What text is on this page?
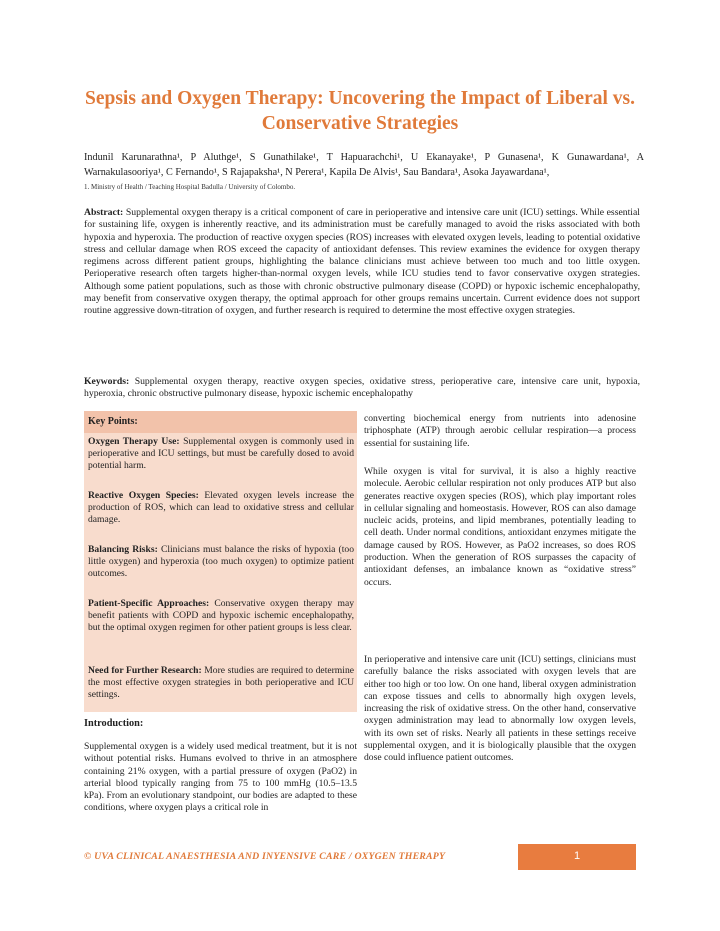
Sepsis and Oxygen Therapy: Uncovering the Impact of Liberal vs. Conservative Strategies
Indunil Karunarathna¹, P Aluthge¹, S Gunathilake¹, T Hapuarachchi¹, U Ekanayake¹, P Gunasena¹, K Gunawardana¹, A Warnakulasooriya¹, C Fernando¹, S Rajapaksha¹, N Perera¹, Kapila De Alvis¹, Sau Bandara¹, Asoka Jayawardana¹,
1. Ministry of Health / Teaching Hospital Badulla / University of Colombo.
Abstract: Supplemental oxygen therapy is a critical component of care in perioperative and intensive care unit (ICU) settings. While essential for sustaining life, oxygen is inherently reactive, and its administration must be carefully managed to avoid the risks associated with both hypoxia and hyperoxia. The production of reactive oxygen species (ROS) increases with elevated oxygen levels, leading to potential oxidative stress and cellular damage when ROS exceed the capacity of antioxidant defenses. This review examines the evidence for oxygen therapy regimens across different patient groups, highlighting the balance clinicians must achieve between too much and too little oxygen. Perioperative research often targets higher-than-normal oxygen levels, while ICU studies tend to favor conservative oxygen strategies. Although some patient populations, such as those with chronic obstructive pulmonary disease (COPD) or hypoxic ischemic encephalopathy, may benefit from conservative oxygen therapy, the optimal approach for other groups remains uncertain. Current evidence does not support routine aggressive down-titration of oxygen, and further research is required to determine the most effective oxygen strategies.
Keywords: Supplemental oxygen therapy, reactive oxygen species, oxidative stress, perioperative care, intensive care unit, hypoxia, hyperoxia, chronic obstructive pulmonary disease, hypoxic ischemic encephalopathy
Key Points:
Oxygen Therapy Use: Supplemental oxygen is commonly used in perioperative and ICU settings, but must be carefully dosed to avoid potential harm.
Reactive Oxygen Species: Elevated oxygen levels increase the production of ROS, which can lead to oxidative stress and cellular damage.
Balancing Risks: Clinicians must balance the risks of hypoxia (too little oxygen) and hyperoxia (too much oxygen) to optimize patient outcomes.
Patient-Specific Approaches: Conservative oxygen therapy may benefit patients with COPD and hypoxic ischemic encephalopathy, but the optimal oxygen regimen for other patient groups is less clear.
Need for Further Research: More studies are required to determine the most effective oxygen strategies in both perioperative and ICU settings.
Introduction:
Supplemental oxygen is a widely used medical treatment, but it is not without potential risks. Humans evolved to thrive in an atmosphere containing 21% oxygen, with a partial pressure of oxygen (PaO2) in arterial blood typically ranging from 75 to 100 mmHg (10.5–13.5 kPa). From an evolutionary standpoint, our bodies are adapted to these conditions, where oxygen plays a critical role in
converting biochemical energy from nutrients into adenosine triphosphate (ATP) through aerobic cellular respiration—a process essential for sustaining life.
While oxygen is vital for survival, it is also a highly reactive molecule. Aerobic cellular respiration not only produces ATP but also generates reactive oxygen species (ROS), which play important roles in cellular signaling and homeostasis. However, ROS can also damage nucleic acids, proteins, and lipid membranes, potentially leading to cell death. Under normal conditions, antioxidant enzymes mitigate the damage caused by ROS. However, as PaO2 increases, so does ROS production. When the generation of ROS surpasses the capacity of antioxidant defenses, an imbalance known as “oxidative stress” occurs.
In perioperative and intensive care unit (ICU) settings, clinicians must carefully balance the risks associated with oxygen levels that are either too high or too low. On one hand, liberal oxygen administration can expose tissues and cells to abnormally high oxygen levels, increasing the risk of oxidative stress. On the other hand, conservative oxygen administration may lead to abnormally low oxygen levels, with its own set of risks. Nearly all patients in these settings receive supplemental oxygen, and it is biologically plausible that the oxygen dose could influence patient outcomes.
© UVA CLINICAL ANAESTHESIA AND INYENSIVE CARE / OXYGEN THERAPY	1
